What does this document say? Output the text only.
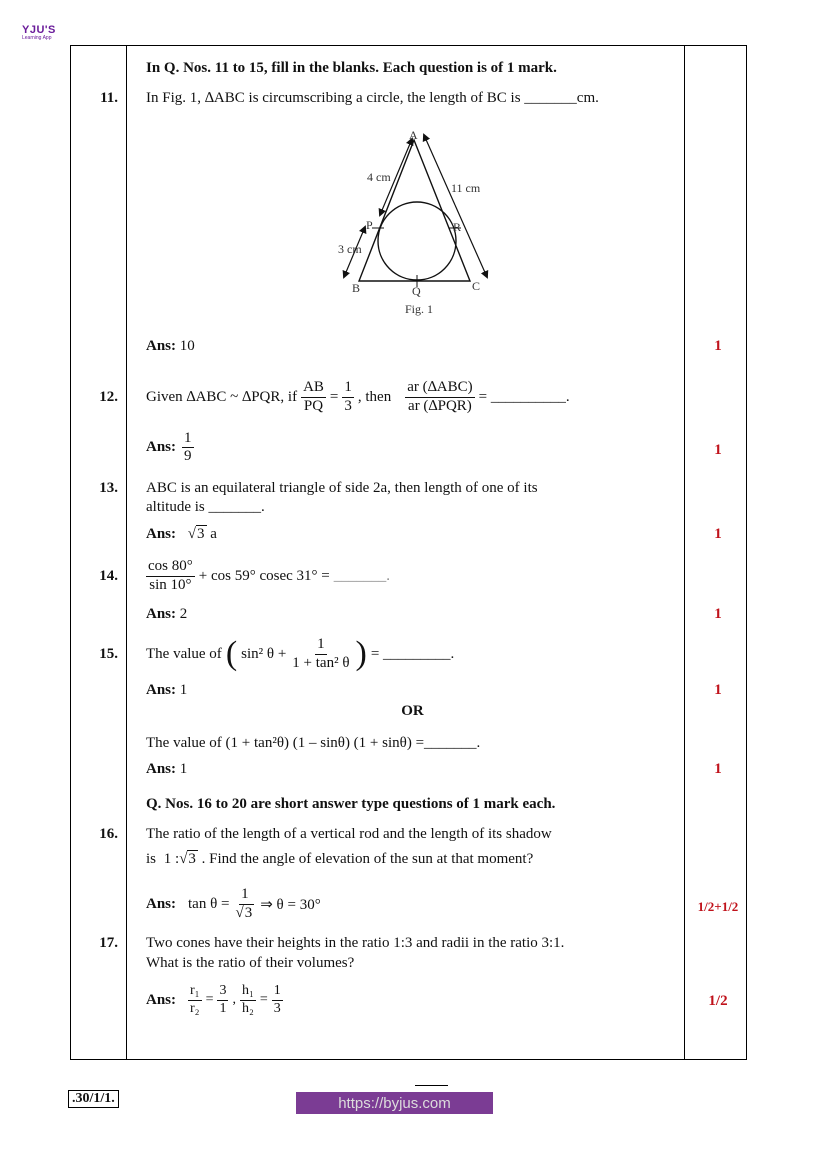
YJU'S
Learning App
In Q. Nos. 11 to 15, fill in the blanks. Each question is of 1 mark.
11. In Fig. 1, ∆ABC is circumscribing a circle, the length of BC is _______cm.
A
B	C
P
Q
R
4 cm
3 cm
11 cm
Fig. 1
Ans: 10	1
12. Given ∆ABC ~ ∆PQR, if $\frac{AB}{PQ} = \frac{1}{3}$ , then $\frac{\text{ar (∆ABC)}}{\text{ar (∆PQR)}}$ = __________.
Ans: $\frac{1}{9}$	1
13. ABC is an equilateral triangle of side 2a, then length of one of its
altitude is _______.
Ans: √3 a	1
14. $\frac{\cos 80^\circ}{\sin 10^\circ} + \cos 59^\circ$ cosec 31° = _______.
Ans: 2	1
15. The value of ( sin² $\theta + \frac{1}{\text{1 + tan² θ}}$ ) = _________.
Ans: 1	1
OR
The value of (1 + tan²θ) (1 – sinθ) (1 + sinθ) =_______.
Ans: 1	1
Q. Nos. 16 to 20 are short answer type questions of 1 mark each.
16. The ratio of the length of a vertical rod and the length of its shadow
is 1 :√3 . Find the angle of elevation of the sun at that moment?
Ans: $\tan \theta = \frac{1}{√3}$ ⇒ θ = 30°	1/2+1/2
17. Two cones have their heights in the ratio 1:3 and radii in the ratio 3:1.
What is the ratio of their volumes?
Ans: $\frac{\text{r₁}}{\text{r₂}} = \frac{3}{1}$ , $\frac{\text{h₁}}{\text{h₂}} = \frac{1}{3}$	1/2
.30/1/1.	https://byjus.com
